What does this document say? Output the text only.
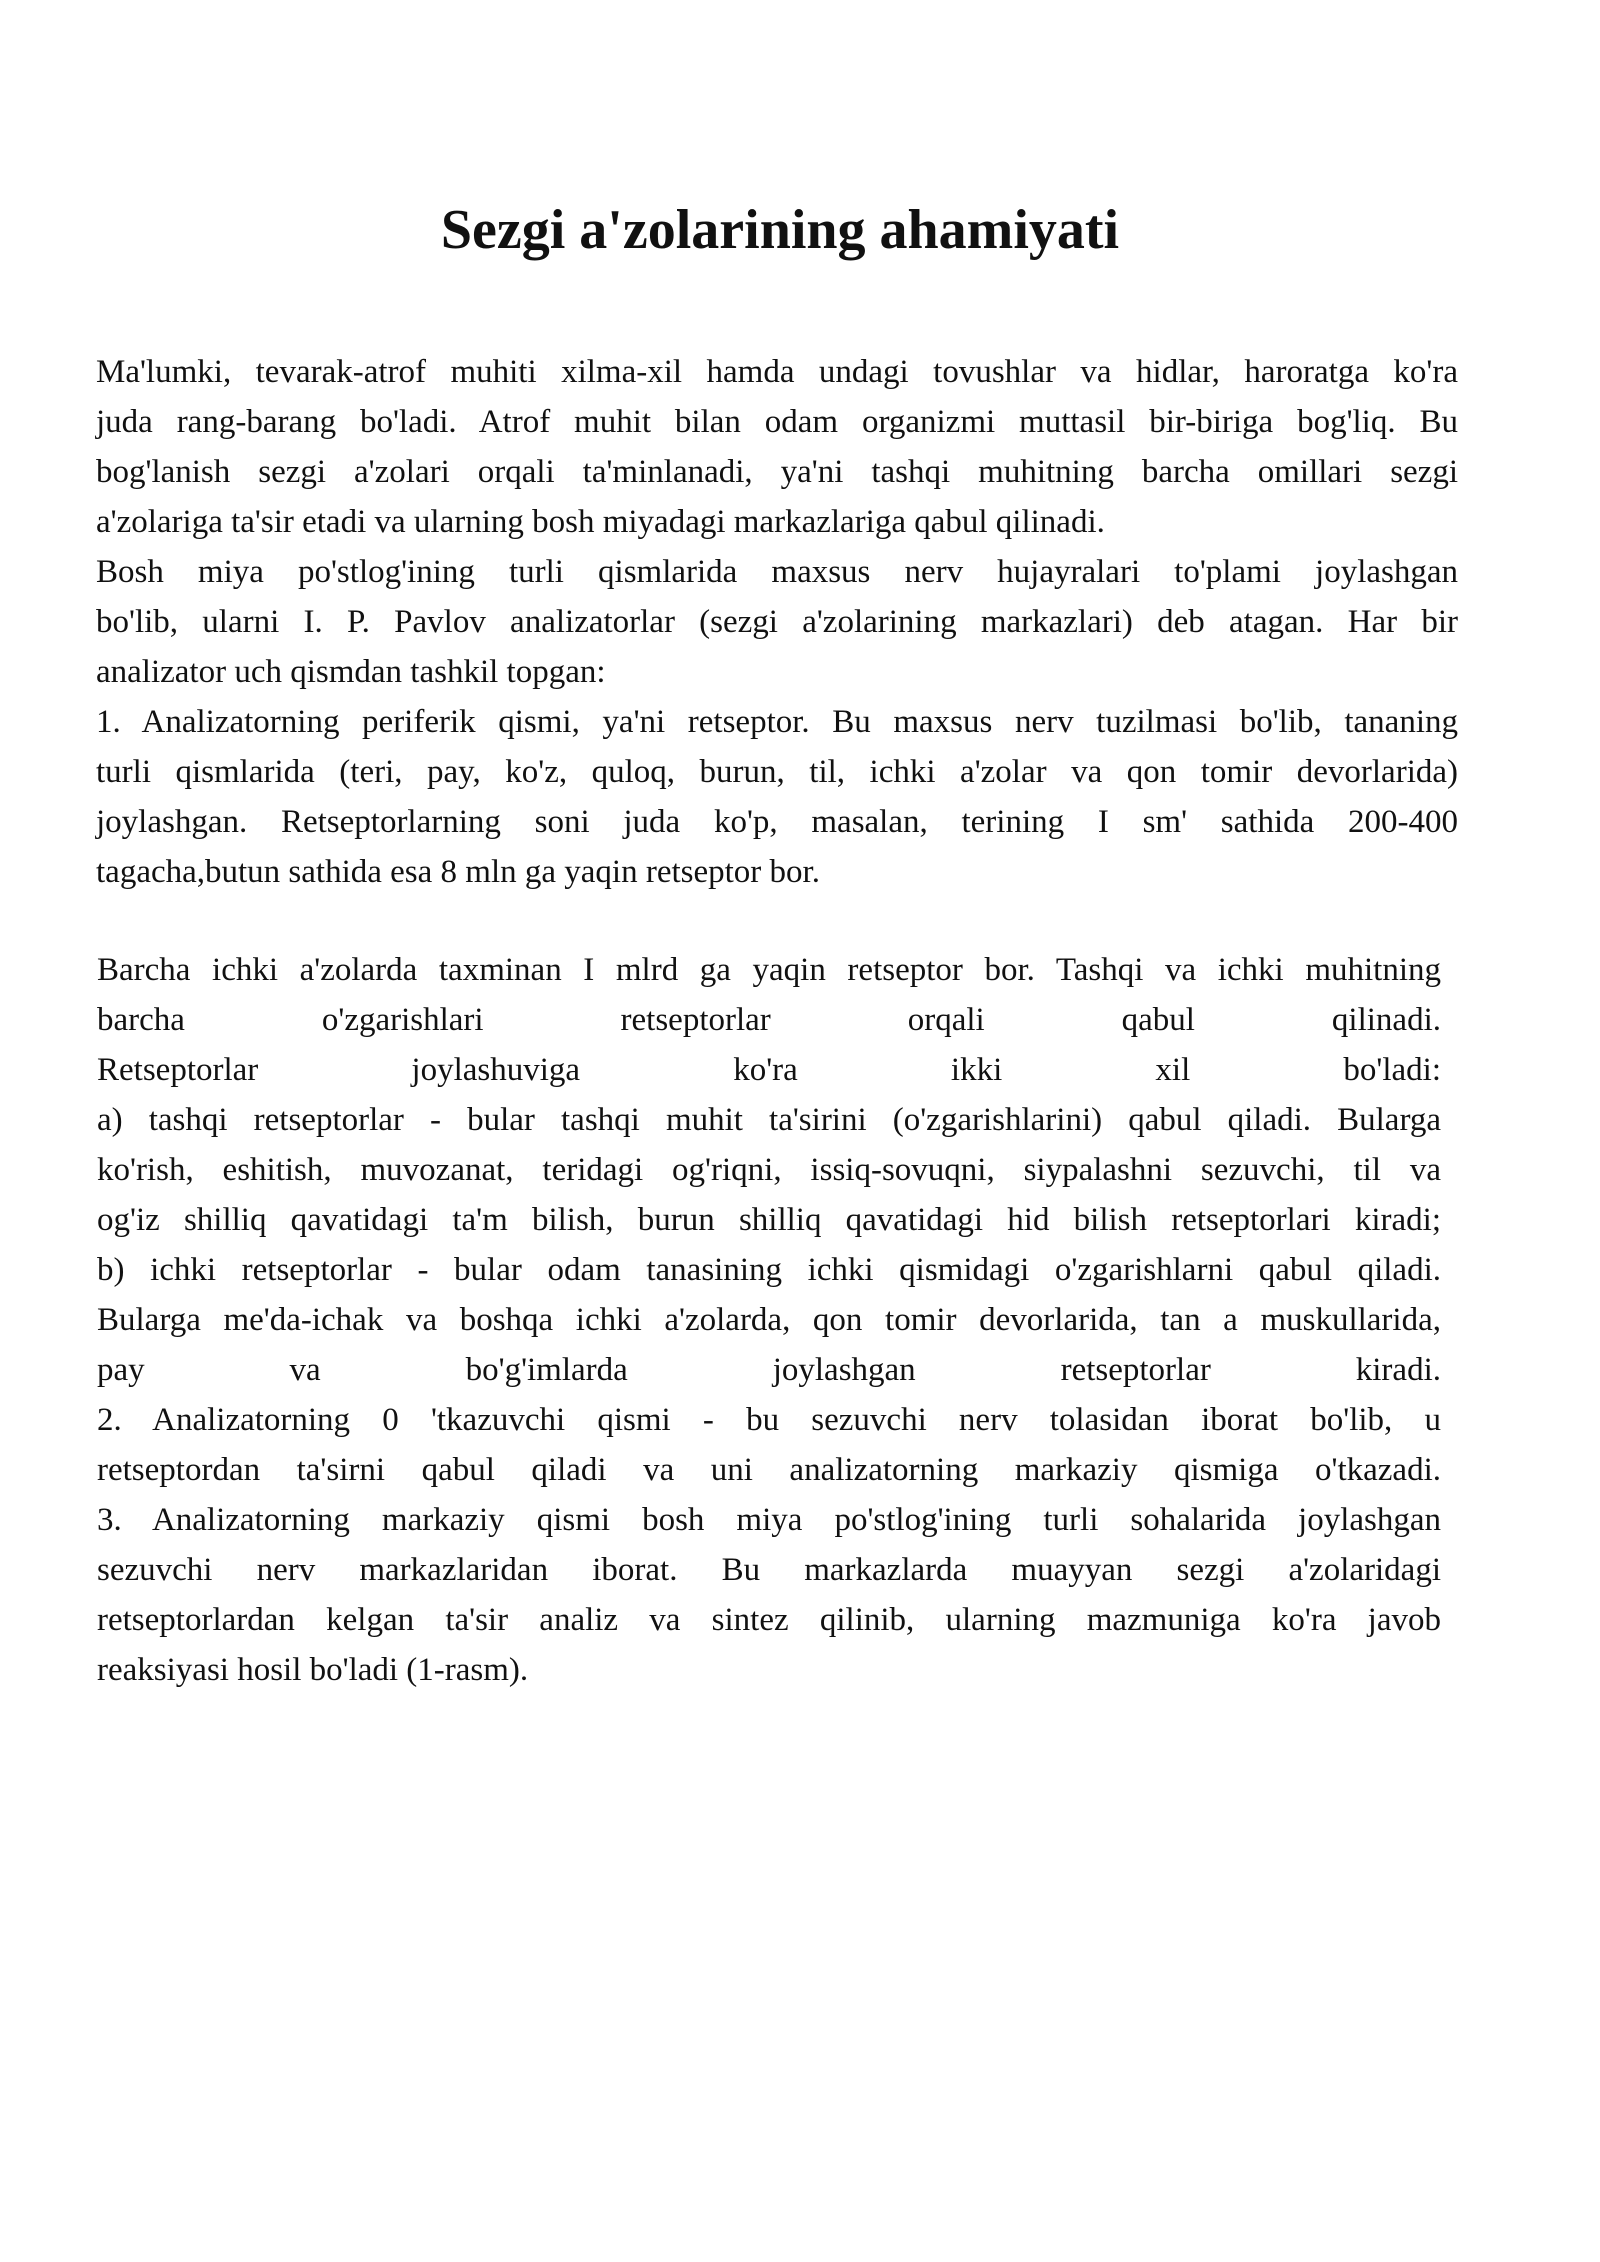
Sezgi a'zolarining ahamiyati
Ma'lumki, tevarak-atrof muhiti xilma-xil hamda undagi tovushlar va hidlar, haroratga ko'ra
juda rang-barang bo'ladi. Atrof muhit bilan odam organizmi muttasil bir-biriga bog'liq. Bu
bog'lanish sezgi a'zolari orqali ta'minlanadi, ya'ni tashqi muhitning barcha omillari sezgi
a'zolariga ta'sir etadi va ularning bosh miyadagi markazlariga qabul qilinadi.
Bosh miya po'stlog'ining turli qismlarida maxsus nerv hujayralari to'plami joylashgan
bo'lib, ularni I. P. Pavlov analizatorlar (sezgi a'zolarining markazlari) deb atagan. Har bir
analizator uch qismdan tashkil topgan:
1. Analizatorning periferik qismi, ya'ni retseptor. Bu maxsus nerv tuzilmasi bo'lib, tananing
turli qismlarida (teri, pay, ko'z, quloq, burun, til, ichki a'zolar va qon tomir devorlarida)
joylashgan. Retseptorlarning soni juda ko'p, masalan, terining I sm' sathida 200-400
tagacha,butun sathida esa 8 mln ga yaqin retseptor bor.
Barcha ichki a'zolarda taxminan I mlrd ga yaqin retseptor bor. Tashqi va ichki muhitning
barcha o'zgarishlari retseptorlar orqali qabul qilinadi.
Retseptorlar joylashuviga ko'ra ikki xil bo'ladi:
a) tashqi retseptorlar - bular tashqi muhit ta'sirini (o'zgarishlarini) qabul qiladi. Bularga
ko'rish, eshitish, muvozanat, teridagi og'riqni, issiq-sovuqni, siypalashni sezuvchi, til va
og'iz shilliq qavatidagi ta'm bilish, burun shilliq qavatidagi hid bilish retseptorlari kiradi;
b) ichki retseptorlar - bular odam tanasining ichki qismidagi o'zgarishlarni qabul qiladi.
Bularga me'da-ichak va boshqa ichki a'zolarda, qon tomir devorlarida, tan a muskullarida,
pay va bo'g'imlarda joylashgan retseptorlar kiradi.
2. Analizatorning 0 'tkazuvchi qismi - bu sezuvchi nerv tolasidan iborat bo'lib, u
retseptordan ta'sirni qabul qiladi va uni analizatorning markaziy qismiga o'tkazadi.
3. Analizatorning markaziy qismi bosh miya po'stlog'ining turli sohalarida joylashgan
sezuvchi nerv markazlaridan iborat. Bu markazlarda muayyan sezgi a'zolaridagi
retseptorlardan kelgan ta'sir analiz va sintez qilinib, ularning mazmuniga ko'ra javob
reaksiyasi hosil bo'ladi (1-rasm).
